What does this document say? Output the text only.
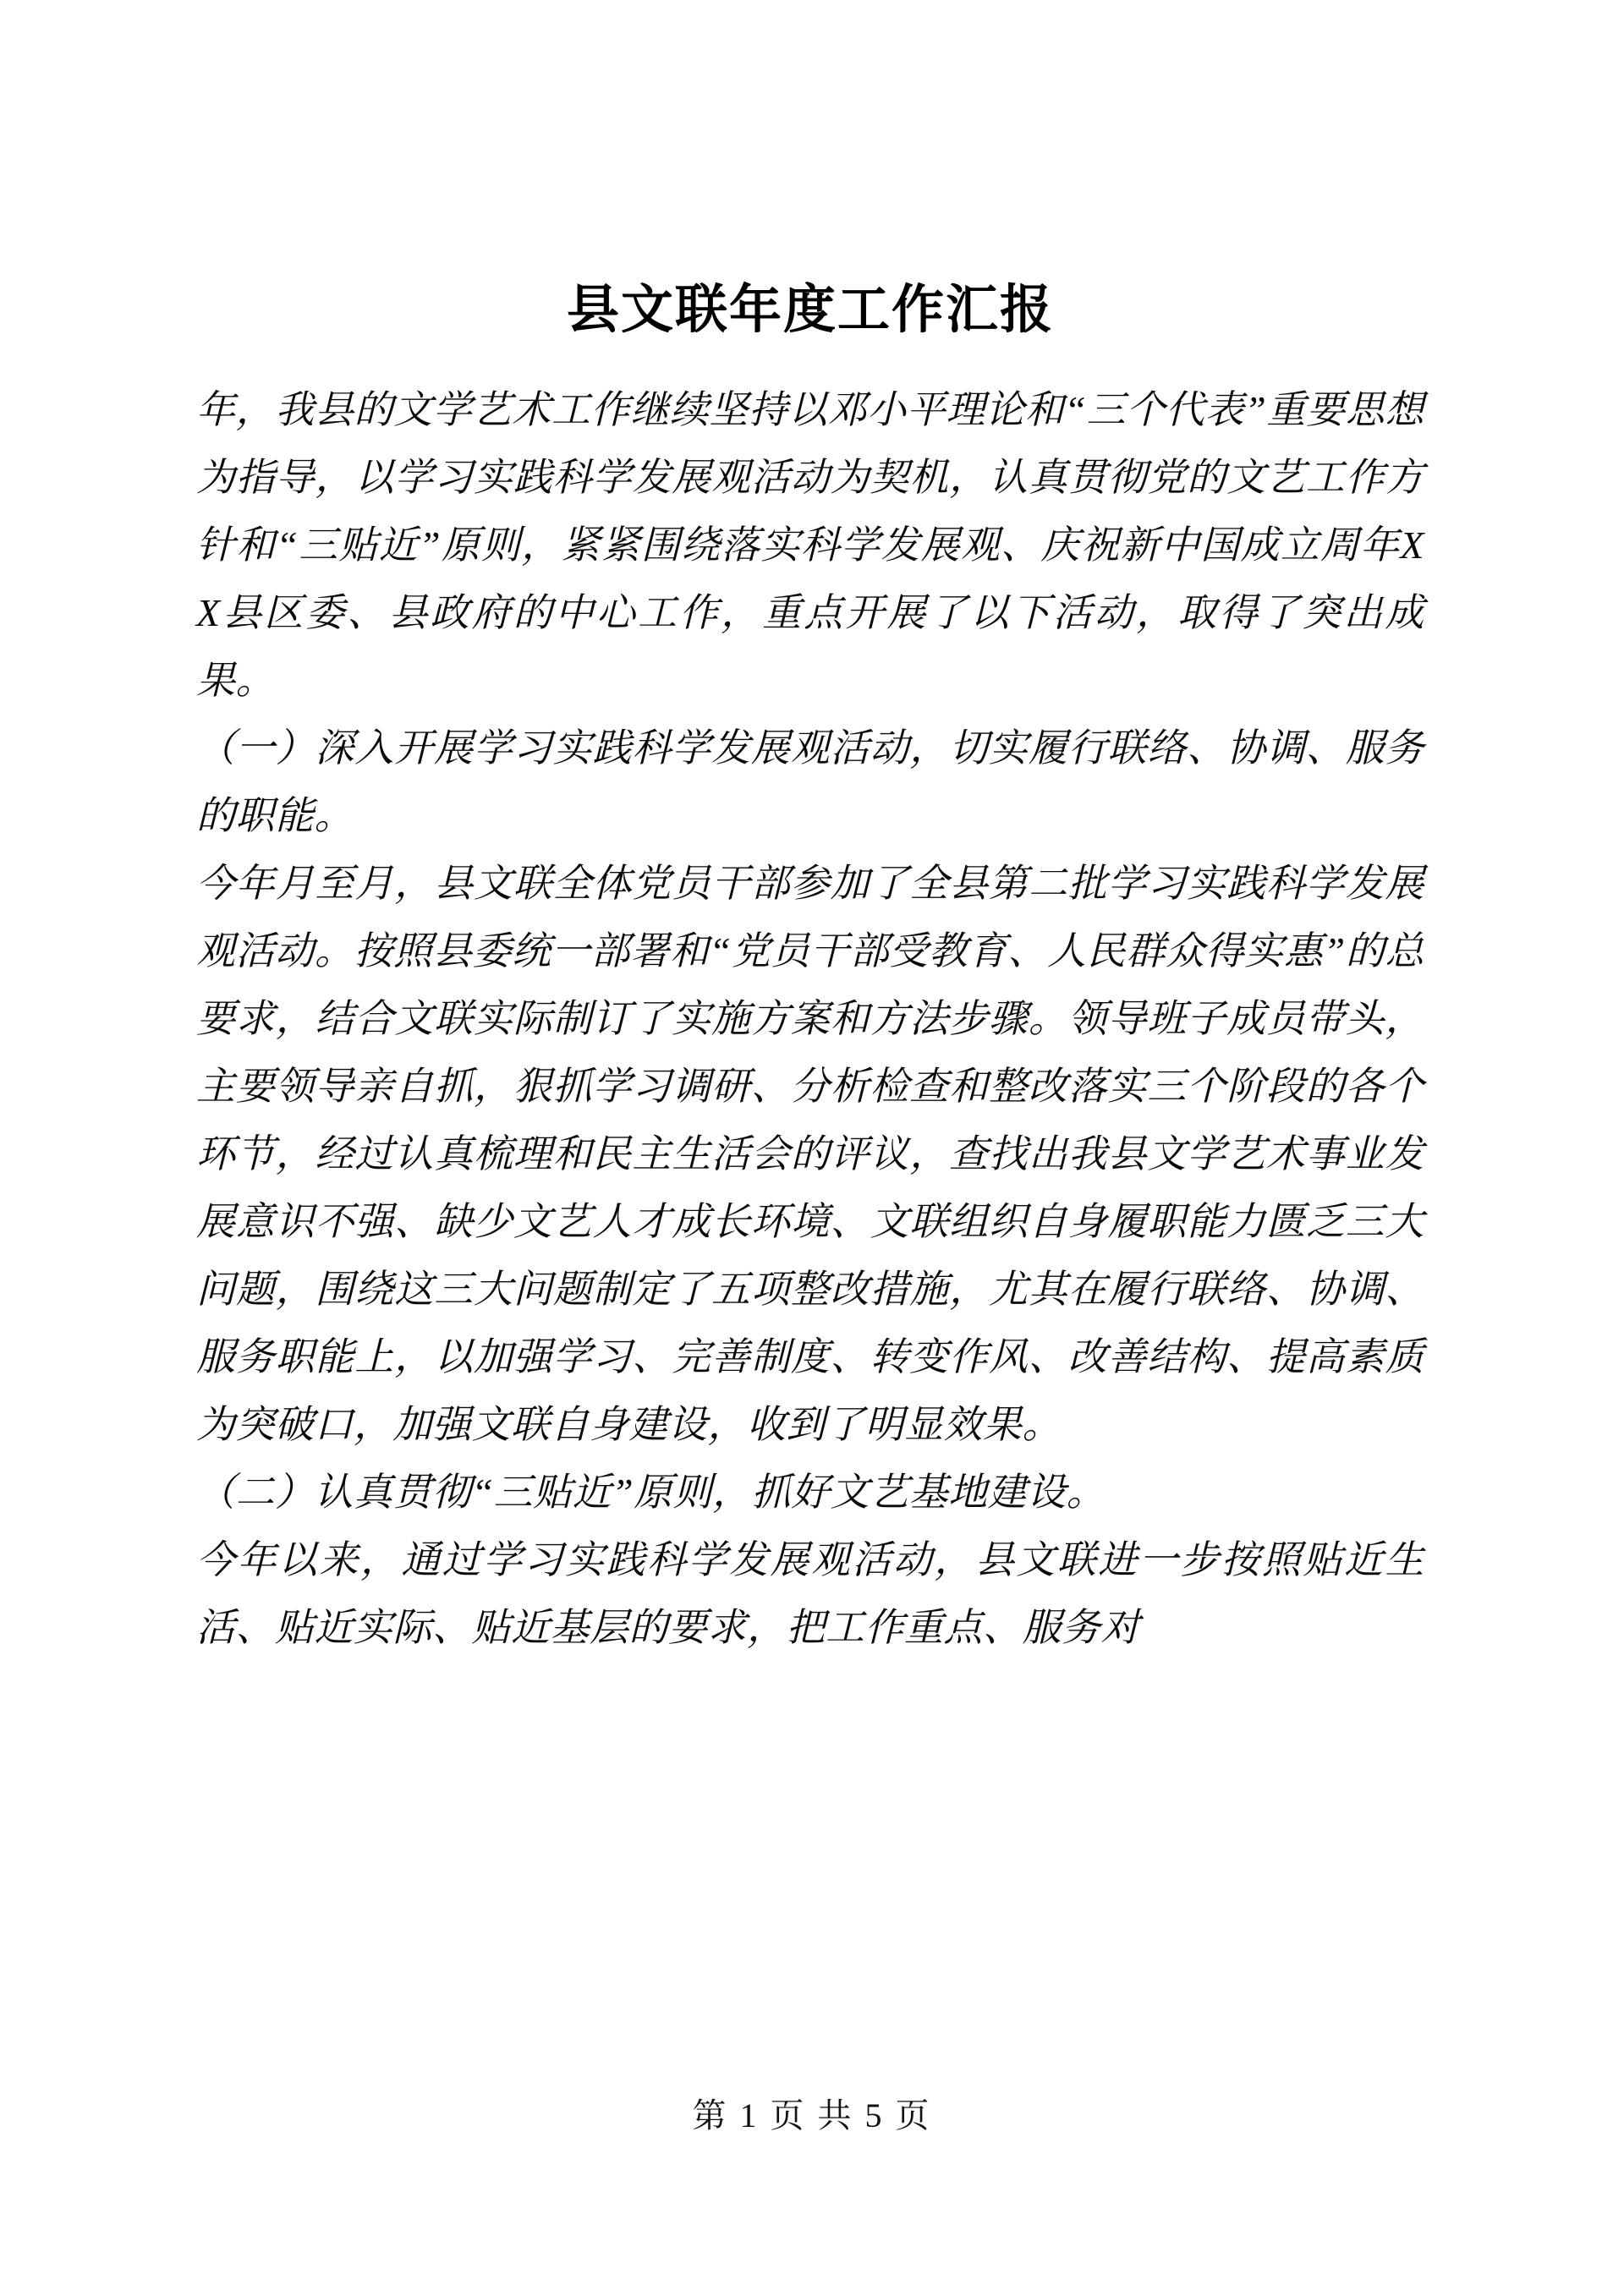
县文联年度工作汇报

年，我县的文学艺术工作继续坚持以邓小平理论和“三个代表”重要思想为指导，以学习实践科学发展观活动为契机，认真贯彻党的文艺工作方针和“三贴近”原则，紧紧围绕落实科学发展观、庆祝新中国成立周年XX县区委、县政府的中心工作，重点开展了以下活动，取得了突出成果。

（一）深入开展学习实践科学发展观活动，切实履行联络、协调、服务的职能。

今年月至月，县文联全体党员干部参加了全县第二批学习实践科学发展观活动。按照县委统一部署和“党员干部受教育、人民群众得实惠”的总要求，结合文联实际制订了实施方案和方法步骤。领导班子成员带头，主要领导亲自抓，狠抓学习调研、分析检查和整改落实三个阶段的各个环节，经过认真梳理和民主生活会的评议，查找出我县文学艺术事业发展意识不强、缺少文艺人才成长环境、文联组织自身履职能力匮乏三大问题，围绕这三大问题制定了五项整改措施，尤其在履行联络、协调、服务职能上，以加强学习、完善制度、转变作风、改善结构、提高素质为突破口，加强文联自身建设，收到了明显效果。

（二）认真贯彻“三贴近”原则，抓好文艺基地建设。

今年以来，通过学习实践科学发展观活动，县文联进一步按照贴近生活、贴近实际、贴近基层的要求，把工作重点、服务对

第 1 页 共 5 页
